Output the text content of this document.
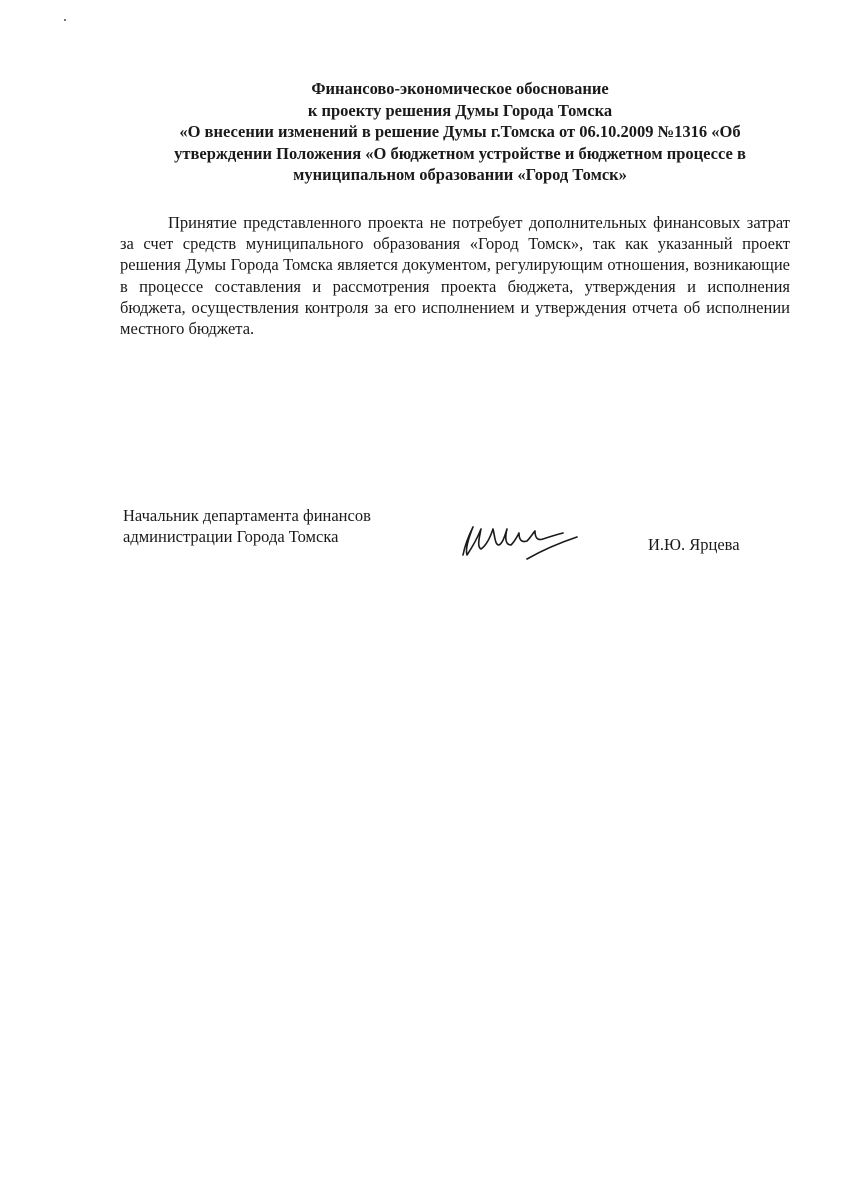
Финансово-экономическое обоснование
к проекту решения Думы Города Томска
«О внесении изменений в решение Думы г.Томска от 06.10.2009 №1316 «Об
утверждении Положения «О бюджетном устройстве и бюджетном процессе в
муниципальном образовании «Город Томск»

Принятие представленного проекта не потребует дополнительных финансовых затрат за счет средств муниципального образования «Город Томск», так как указанный проект решения Думы Города Томска является документом, регулирующим отношения, возникающие в процессе составления и рассмотрения проекта бюджета, утверждения и исполнения бюджета, осуществления контроля за его исполнением и утверждения отчета об исполнении местного бюджета.

Начальник департамента финансов
администрации Города Томска	И.Ю. Ярцева
